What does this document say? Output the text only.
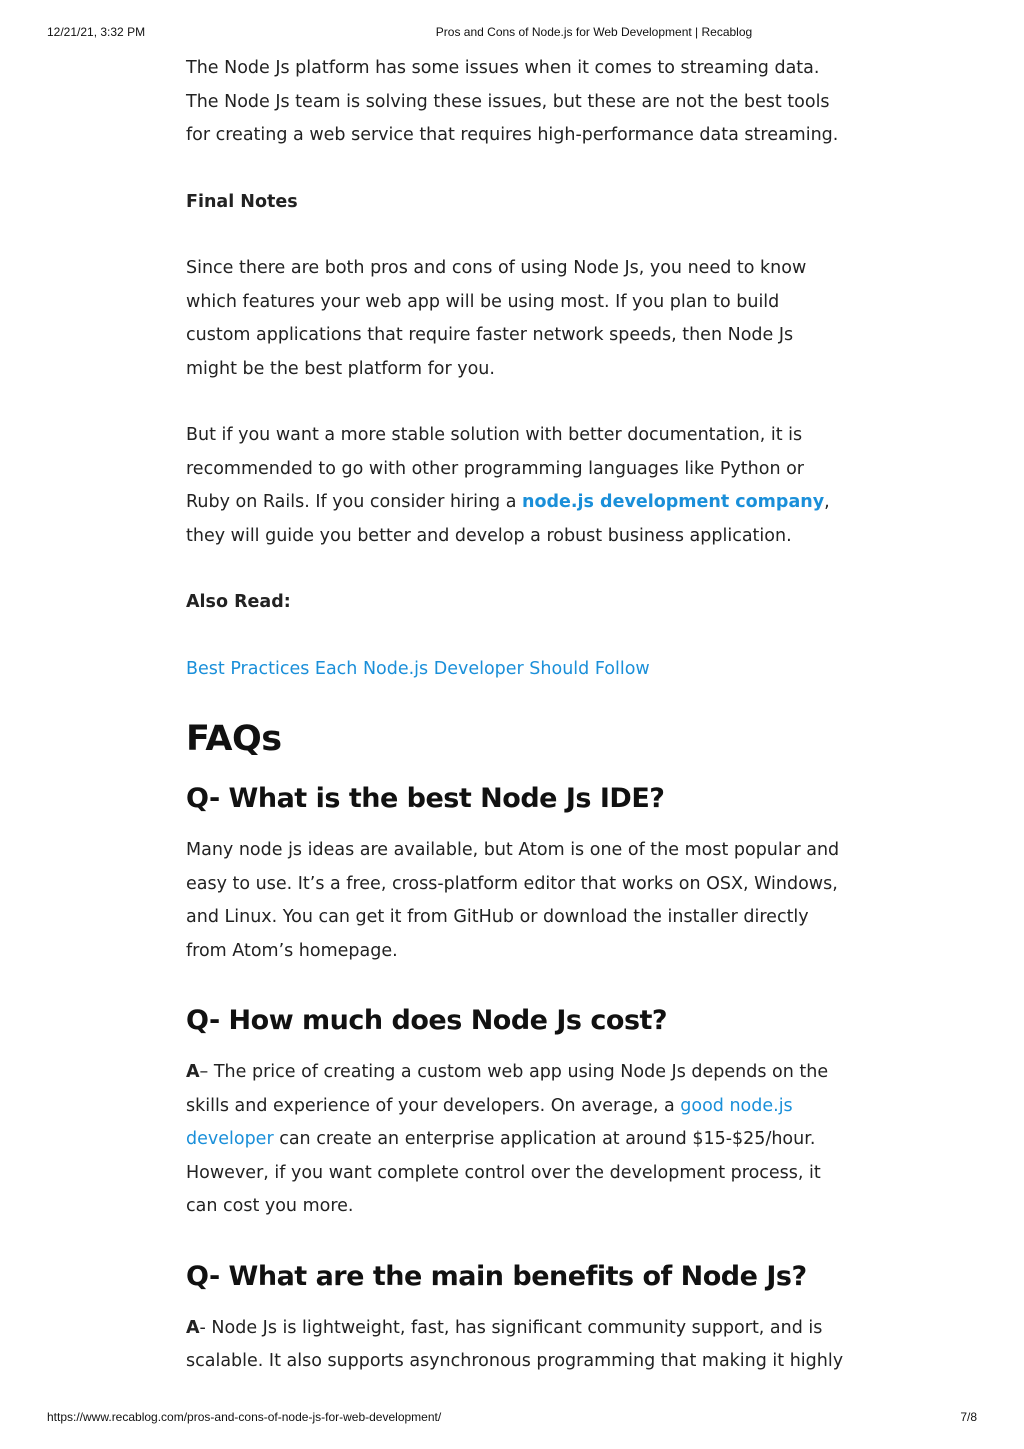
12/21/21, 3:32 PM	Pros and Cons of Node.js for Web Development | Recablog

The Node Js platform has some issues when it comes to streaming data. The Node Js team is solving these issues, but these are not the best tools for creating a web service that requires high-performance data streaming.

Final Notes

Since there are both pros and cons of using Node Js, you need to know which features your web app will be using most. If you plan to build custom applications that require faster network speeds, then Node Js might be the best platform for you.

But if you want a more stable solution with better documentation, it is recommended to go with other programming languages like Python or Ruby on Rails. If you consider hiring a node.js development company, they will guide you better and develop a robust business application.

Also Read:

Best Practices Each Node.js Developer Should Follow

FAQs
Q- What is the best Node Js IDE?

Many node js ideas are available, but Atom is one of the most popular and easy to use. It’s a free, cross-platform editor that works on OSX, Windows, and Linux. You can get it from GitHub or download the installer directly from Atom’s homepage.

Q- How much does Node Js cost?

A– The price of creating a custom web app using Node Js depends on the skills and experience of your developers. On average, a good node.js developer can create an enterprise application at around $15-$25/hour. However, if you want complete control over the development process, it can cost you more.

Q- What are the main benefits of Node Js?

A- Node Js is lightweight, fast, has significant community support, and is scalable. It also supports asynchronous programming that making it highly

https://www.recablog.com/pros-and-cons-of-node-js-for-web-development/	7/8
